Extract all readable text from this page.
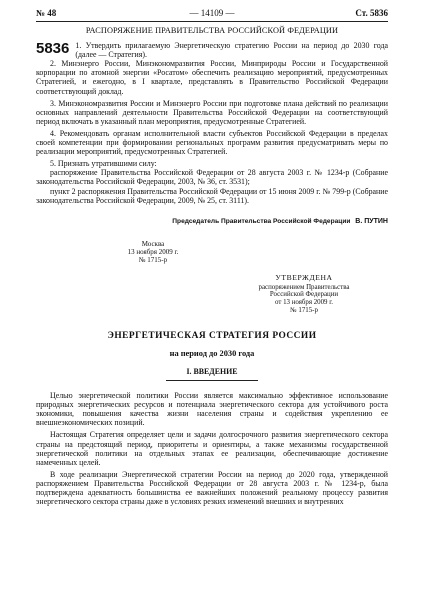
№ 48	— 14109 —	Ст. 5836
РАСПОРЯЖЕНИЕ ПРАВИТЕЛЬСТВА РОССИЙСКОЙ ФЕДЕРАЦИИ
5836 1. Утвердить прилагаемую Энергетическую стратегию России на период до 2030 года (далее — Стратегия).

2. Минэнерго России, Минэкономразвития России, Минприроды России и Государственной корпорации по атомной энергии «Росатом» обеспечить реализацию мероприятий, предусмотренных Стратегией, и ежегодно, в I квартале, представлять в Правительство Российской Федерации соответствующий доклад.

3. Минэкономразвития России и Минэнерго России при подготовке плана действий по реализации основных направлений деятельности Правительства Российской Федерации на соответствующий период включать в указанный план мероприятия, предусмотренные Стратегией.

4. Рекомендовать органам исполнительной власти субъектов Российской Федерации в пределах своей компетенции при формировании региональных программ развития предусматривать меры по реализации мероприятий, предусмотренных Стратегией.

5. Признать утратившими силу:

распоряжение Правительства Российской Федерации от 28 августа 2003 г. № 1234-р (Собрание законодательства Российской Федерации, 2003, № 36, ст. 3531);

пункт 2 распоряжения Правительства Российской Федерации от 15 июня 2009 г. № 799-р (Собрание законодательства Российской Федерации, 2009, № 25, ст. 3111).

Председатель Правительства Российской Федерации В. ПУТИН
Москва
13 ноября 2009 г.
№ 1715-р
УТВЕРЖДЕНА
распоряжением Правительства
Российской Федерации
от 13 ноября 2009 г.
№ 1715-р
ЭНЕРГЕТИЧЕСКАЯ СТРАТЕГИЯ РОССИИ
на период до 2030 года
I. ВВЕДЕНИЕ

Целью энергетической политики России является максимально эффективное использование природных энергетических ресурсов и потенциала энергетического сектора для устойчивого роста экономики, повышения качества жизни населения страны и содействия укреплению ее внешнеэкономических позиций.

Настоящая Стратегия определяет цели и задачи долгосрочного развития энергетического сектора страны на предстоящий период, приоритеты и ориентиры, а также механизмы государственной энергетической политики на отдельных этапах ее реализации, обеспечивающие достижение намеченных целей.

В ходе реализации Энергетической стратегии России на период до 2020 года, утвержденной распоряжением Правительства Российской Федерации от 28 августа 2003 г. № 1234-р, была подтверждена адекватность большинства ее важнейших положений реальному процессу развития энергетического сектора страны даже в условиях резких изменений внешних и внутренних
